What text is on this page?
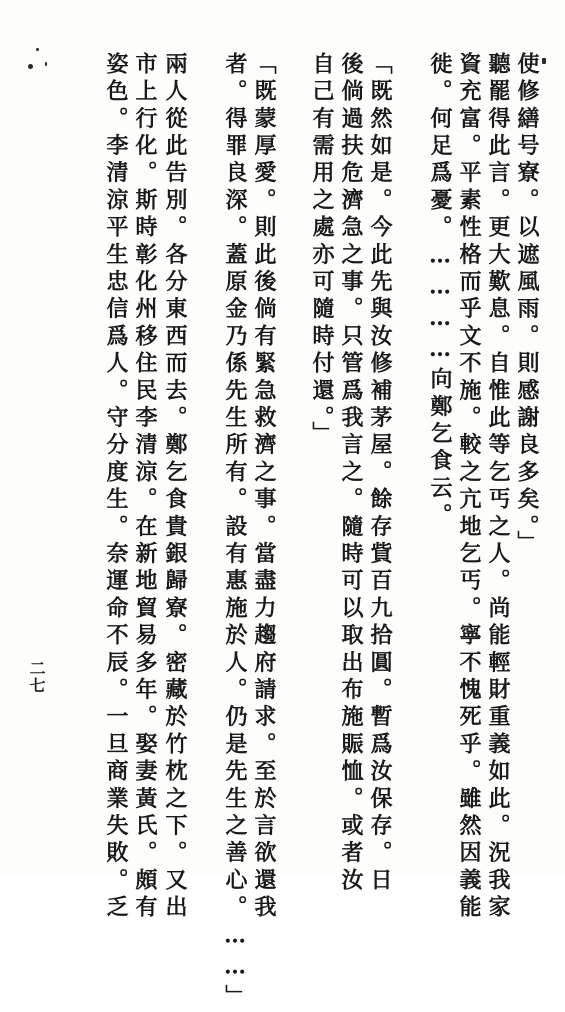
使修繕号寮。以遮風雨。則感謝良多矣。」
聽罷得此言。更大歎息。自惟此等乞丐之人。尚能輕財重義如此。況我家
資充富。平素性格而乎文不施。較之亢地乞丐。寧不愧死乎。雖然因義能
徙。何足爲憂。…………向鄭乞食云。
「既然如是。今此先與汝修補茅屋。餘存貲百九拾圓。暫爲汝保存。日
後倘過扶危濟急之事。只管爲我言之。隨時可以取出布施賑恤。或者汝
自己有需用之處亦可隨時付還。」
「既蒙厚愛。則此後倘有緊急救濟之事。當盡力趨府請求。至於言欲還我
者。得罪良深。蓋原金乃係先生所有。設有惠施於人。仍是先生之善心。……」
兩人從此告別。各分東西而去。鄭乞食貴銀歸寮。密藏於竹枕之下。又出
市上行化。斯時彰化州移住民李清涼。在新地貿易多年。娶妻黃氏。頗有
姿色。李清涼平生忠信爲人。守分度生。奈運命不辰。一旦商業失敗。乏
二七
